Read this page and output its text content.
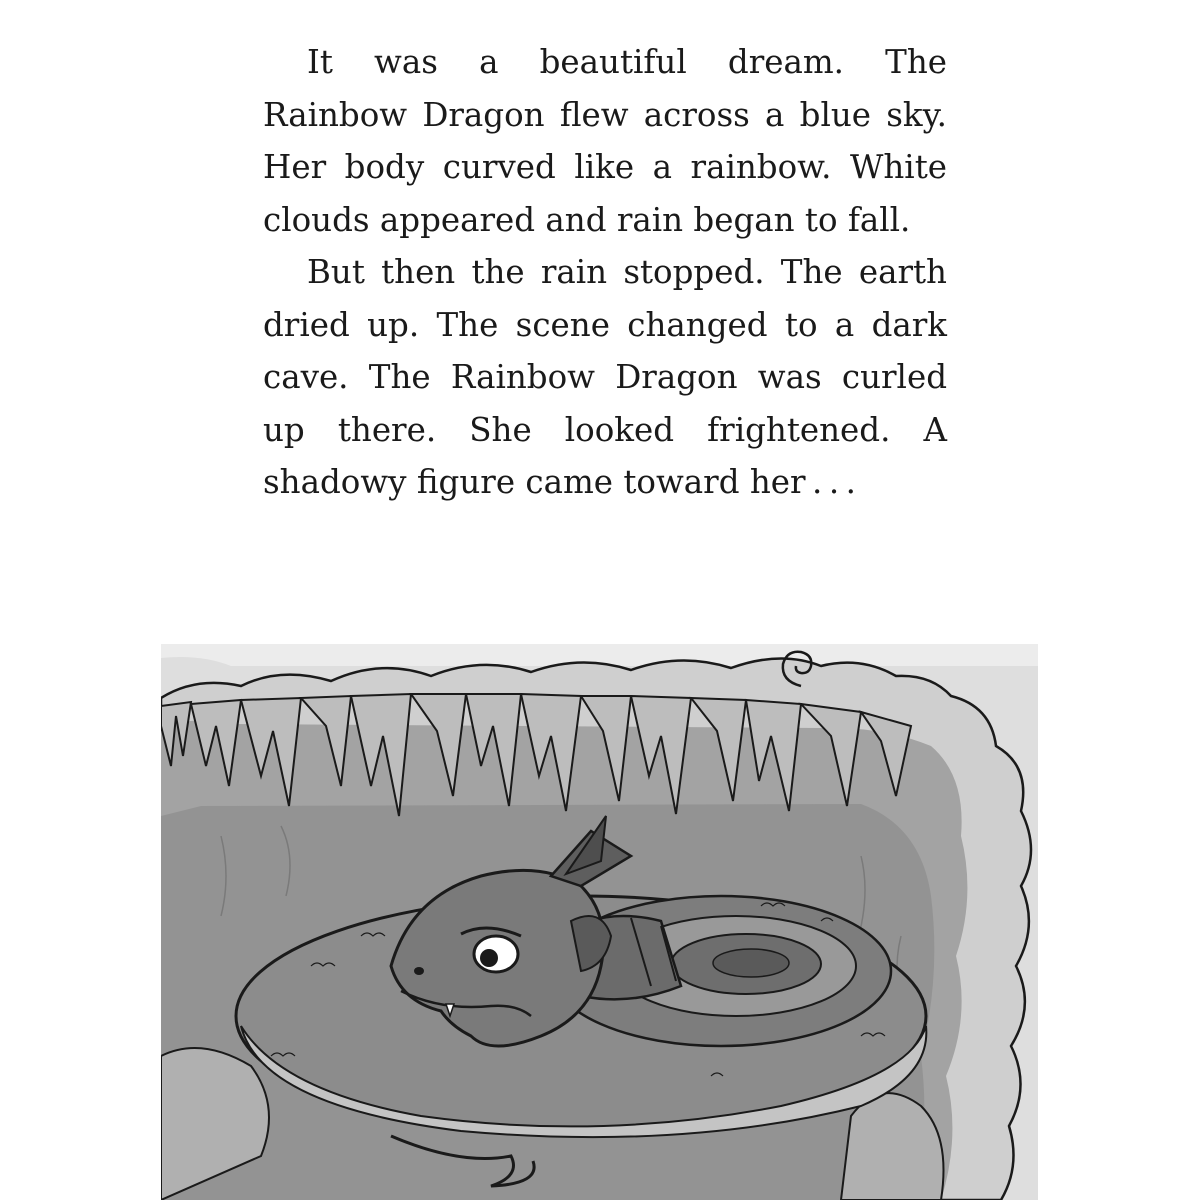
It was a beautiful dream. The Rainbow Dragon flew across a blue sky. Her body curved like a rainbow. White clouds appeared and rain began to fall.

But then the rain stopped. The earth dried up. The scene changed to a dark cave. The Rainbow Dragon was curled up there. She looked frightened. A shadowy figure came toward her . . .
